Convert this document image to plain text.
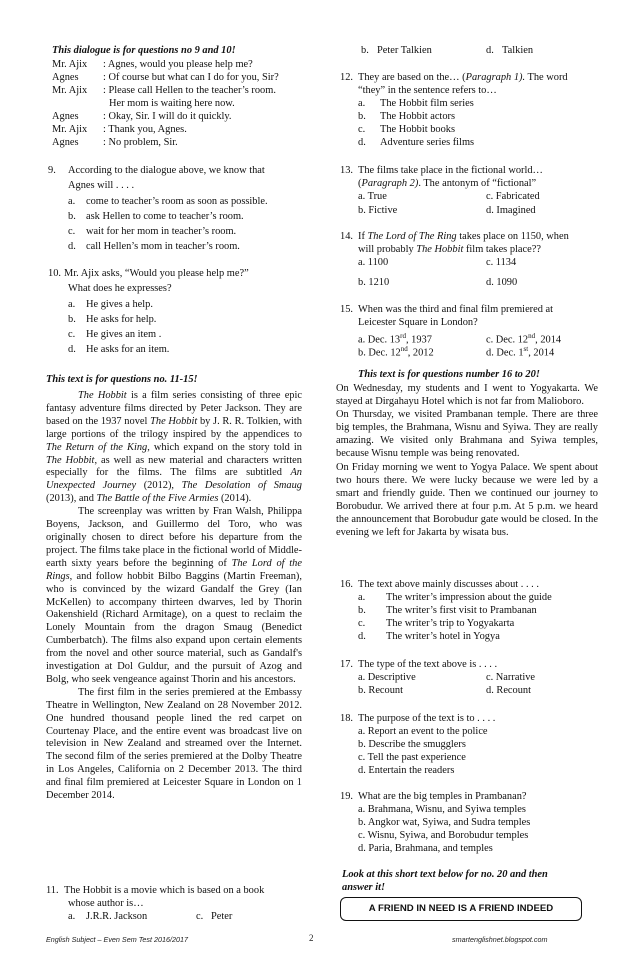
This dialogue is for questions no 9 and 10!
Mr. Ajix : Agnes, would you please help me?
Agnes : Of course but what can I do for you, Sir?
Mr. Ajix : Please call Hellen to the teacher’s room.
Her mom is waiting here now.
Agnes : Okay, Sir. I will do it quickly.
Mr. Ajix : Thank you, Agnes.
Agnes : No problem, Sir.
9. According to the dialogue above, we know that
Agnes will . . . .
a. come to teacher’s room as soon as possible.
b. ask Hellen to come to teacher’s room.
c. wait for her mom in teacher’s room.
d. call Hellen’s mom in teacher’s room.
10. Mr. Ajix asks, “Would you please help me?”
What does he expresses?
a. He gives a help.
b. He asks for help.
c. He gives an item .
d. He asks for an item.
This text is for questions no. 11-15!

The Hobbit is a film series consisting of three epic fantasy adventure films directed by Peter Jackson. They are based on the 1937 novel The Hobbit by J. R. R. Tolkien, with large portions of the trilogy inspired by the appendices to The Return of the King, which expand on the story told in The Hobbit, as well as new material and characters written especially for the films. The films are subtitled An Unexpected Journey (2012), The Desolation of Smaug (2013), and The Battle of the Five Armies (2014).

The screenplay was written by Fran Walsh, Philippa Boyens, Jackson, and Guillermo del Toro, who was originally chosen to direct before his departure from the project. The films take place in the fictional world of Middle-earth sixty years before the beginning of The Lord of the Rings, and follow hobbit Bilbo Baggins (Martin Freeman), who is convinced by the wizard Gandalf the Grey (Ian McKellen) to accompany thirteen dwarves, led by Thorin Oakenshield (Richard Armitage), on a quest to reclaim the Lonely Mountain from the dragon Smaug (Benedict Cumberbatch). The films also expand upon certain elements from the novel and other source material, such as Gandalf's investigation at Dol Guldur, and the pursuit of Azog and Bolg, who seek vengeance against Thorin and his ancestors.

The first film in the series premiered at the Embassy Theatre in Wellington, New Zealand on 28 November 2012. One hundred thousand people lined the red carpet on Courtenay Place, and the entire event was broadcast live on television in New Zealand and streamed over the Internet. The second film of the series premiered at the Dolby Theatre in Los Angeles, California on 2 December 2013. The third and final film premiered at Leicester Square in London on 1 December 2014.

11. The Hobbit is a movie which is based on a book
whose author is…
a. J.R.R. Jackson	c. Peter
b. Peter Talkien	d. Talkien
12. They are based on the… (Paragraph 1). The word
“they” in the sentence refers to…
a. The Hobbit film series
b. The Hobbit actors
c. The Hobbit books
d. Adventure series films
13. The films take place in the fictional world…
(Paragraph 2). The antonym of “fictional”
a. True	c. Fabricated
b. Fictive	d. Imagined
14. If The Lord of The Ring takes place on 1150, when
will probably The Hobbit film takes place??
a. 1100	c. 1134
b. 1210	d. 1090
15. When was the third and final film premiered at
Leicester Square in London?
a. Dec. 13rd, 1937	c. Dec. 12nd, 2014
b. Dec. 12nd, 2012	d. Dec. 1st, 2014
This text is for questions number 16 to 20!

On Wednesday, my students and I went to Yogyakarta. We stayed at Dirgahayu Hotel which is not far from Malioboro.

On Thursday, we visited Prambanan temple. There are three big temples, the Brahmana, Wisnu and Syiwa. They are really amazing. We visited only Brahmana and Syiwa temples, because Wisnu temple was being renovated.

On Friday morning we went to Yogya Palace. We spent about two hours there. We were lucky because we were led by a smart and friendly guide. Then we continued our journey to Borobudur. We arrived there at four p.m. At 5 p.m. we heard the announcement that Borobudur gate would be closed. In the evening we left for Jakarta by wisata bus.

16. The text above mainly discusses about . . . .
a. The writer’s impression about the guide
b. The writer’s first visit to Prambanan
c. The writer’s trip to Yogyakarta
d. The writer’s hotel in Yogya
17. The type of the text above is . . . .
a. Descriptive	c. Narrative
b. Recount	d. Recount
18. The purpose of the text is to . . . .
a. Report an event to the police
b. Describe the smugglers
c. Tell the past experience
d. Entertain the readers
19. What are the big temples in Prambanan?
a. Brahmana, Wisnu, and Syiwa temples
b. Angkor wat, Syiwa, and Sudra temples
c. Wisnu, Syiwa, and Borobudur temples
d. Paria, Brahmana, and temples
Look at this short text below for no. 20 and then
answer it!
A FRIEND IN NEED IS A FRIEND INDEED
English Subject – Even Sem Test 2016/2017	2	smartenglishnet.blogspot.com
